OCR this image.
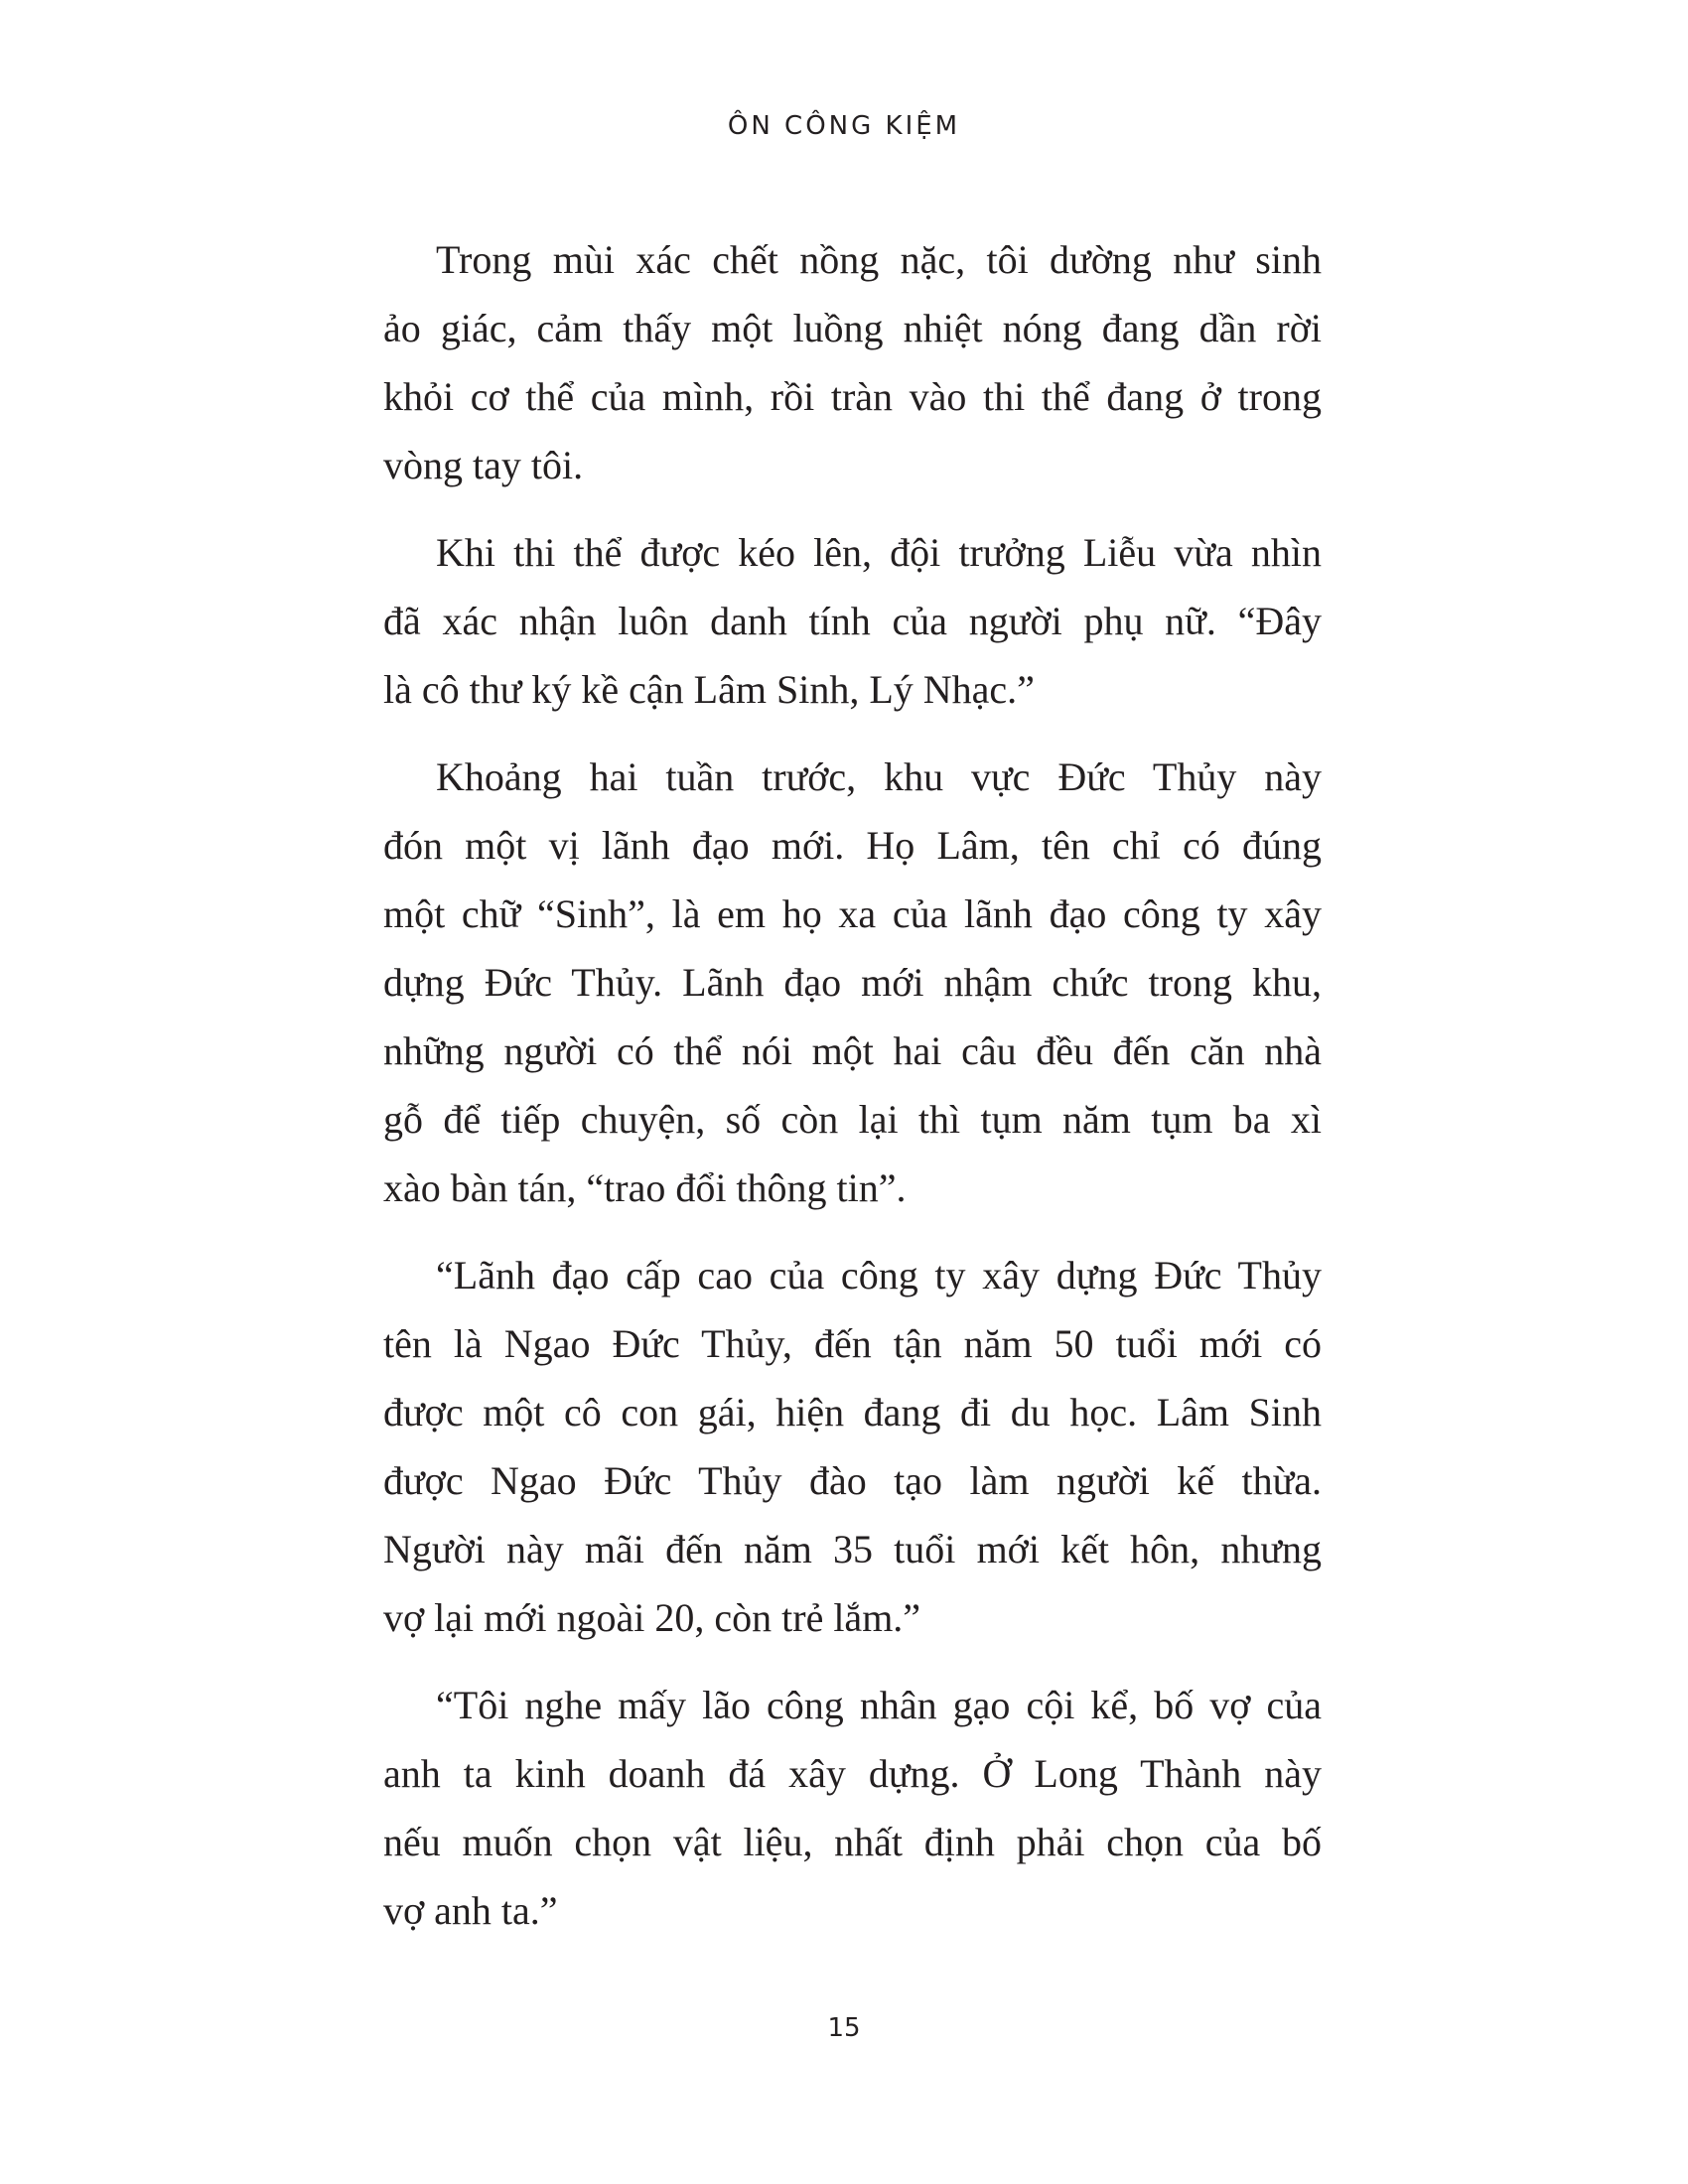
ÔN CÔNG KIỆM
Trong mùi xác chết nồng nặc, tôi dường như sinh
ảo giác, cảm thấy một luồng nhiệt nóng đang dần rời
khỏi cơ thể của mình, rồi tràn vào thi thể đang ở trong
vòng tay tôi.
Khi thi thể được kéo lên, đội trưởng Liễu vừa nhìn
đã xác nhận luôn danh tính của người phụ nữ. “Đây
là cô thư ký kề cận Lâm Sinh, Lý Nhạc.”
Khoảng hai tuần trước, khu vực Đức Thủy này
đón một vị lãnh đạo mới. Họ Lâm, tên chỉ có đúng
một chữ “Sinh”, là em họ xa của lãnh đạo công ty xây
dựng Đức Thủy. Lãnh đạo mới nhậm chức trong khu,
những người có thể nói một hai câu đều đến căn nhà
gỗ để tiếp chuyện, số còn lại thì tụm năm tụm ba xì
xào bàn tán, “trao đổi thông tin”.
“Lãnh đạo cấp cao của công ty xây dựng Đức Thủy
tên là Ngao Đức Thủy, đến tận năm 50 tuổi mới có
được một cô con gái, hiện đang đi du học. Lâm Sinh
được Ngao Đức Thủy đào tạo làm người kế thừa.
Người này mãi đến năm 35 tuổi mới kết hôn, nhưng
vợ lại mới ngoài 20, còn trẻ lắm.”
“Tôi nghe mấy lão công nhân gạo cội kể, bố vợ của
anh ta kinh doanh đá xây dựng. Ở Long Thành này
nếu muốn chọn vật liệu, nhất định phải chọn của bố
vợ anh ta.”
15
